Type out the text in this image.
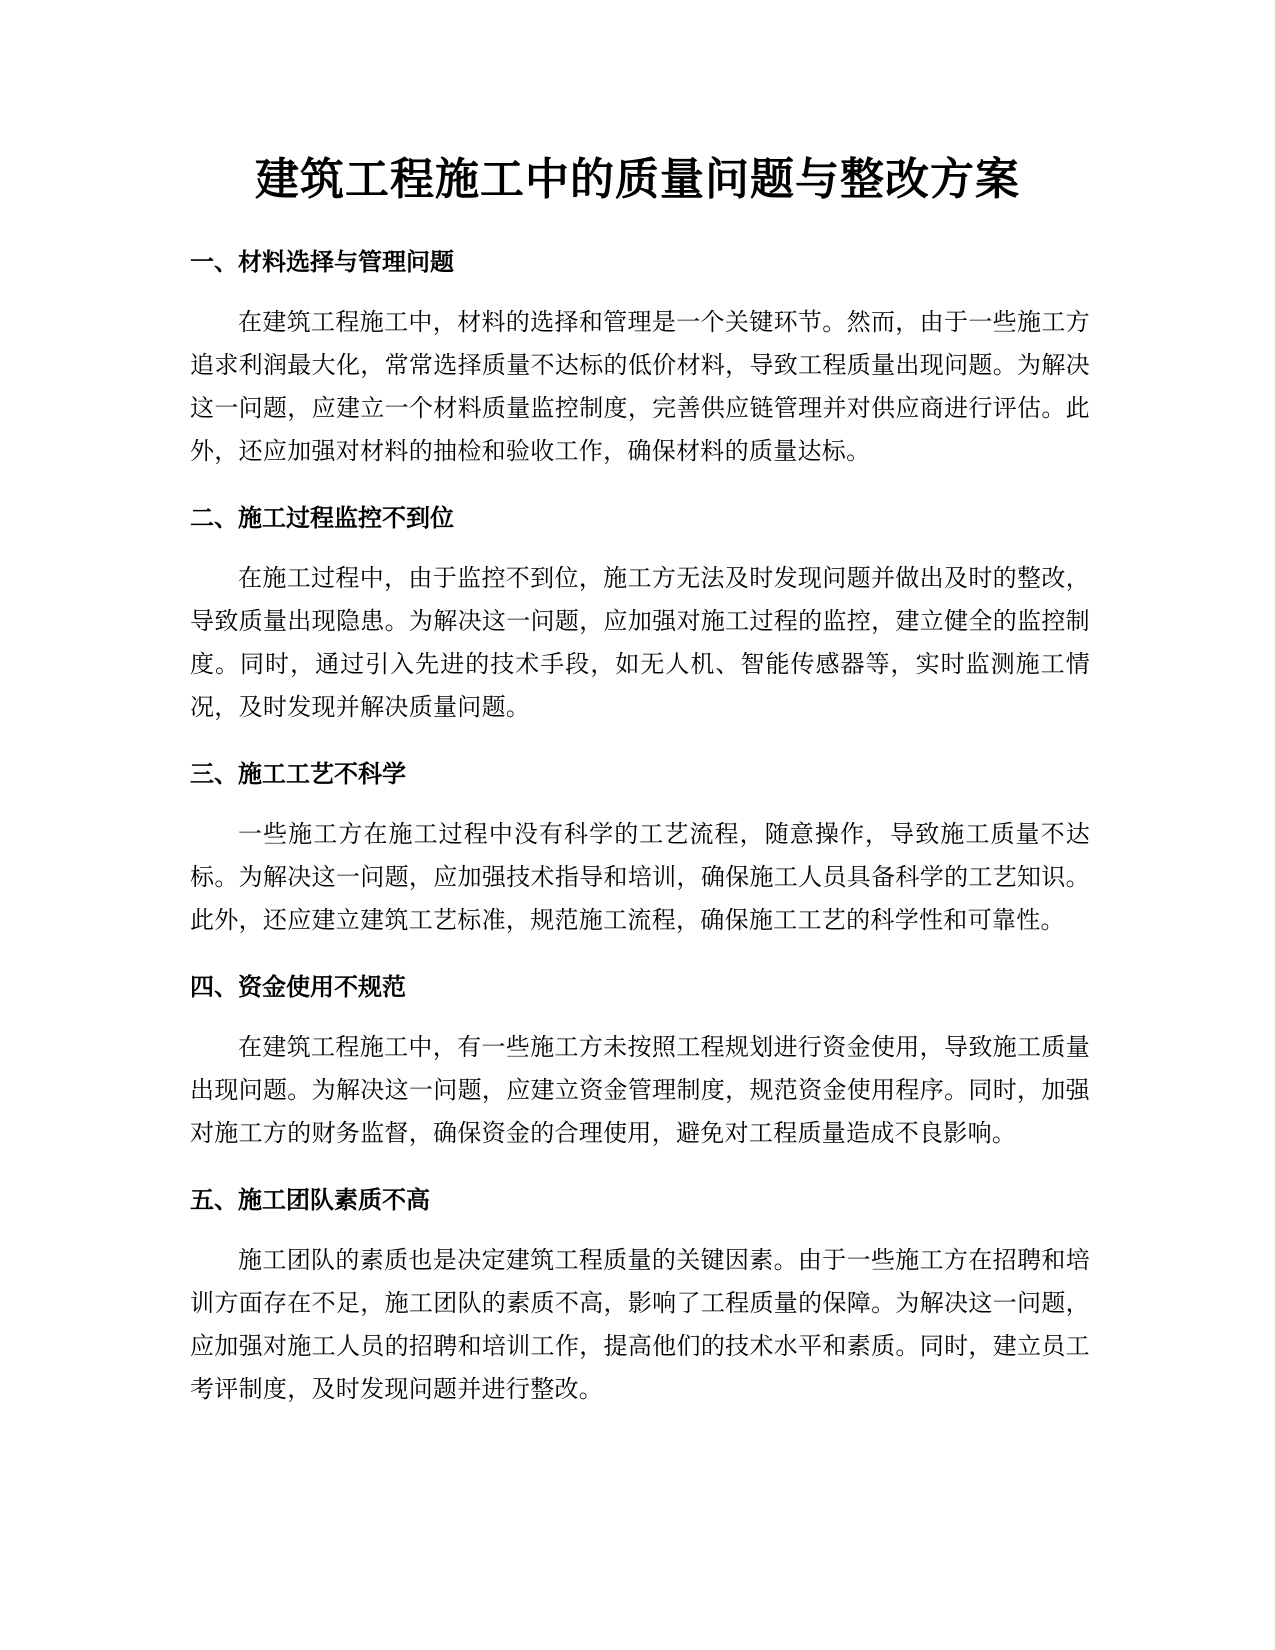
建筑工程施工中的质量问题与整改方案
一、材料选择与管理问题

在建筑工程施工中，材料的选择和管理是一个关键环节。然而，由于一些施工方追求利润最大化，常常选择质量不达标的低价材料，导致工程质量出现问题。为解决这一问题，应建立一个材料质量监控制度，完善供应链管理并对供应商进行评估。此外，还应加强对材料的抽检和验收工作，确保材料的质量达标。

二、施工过程监控不到位

在施工过程中，由于监控不到位，施工方无法及时发现问题并做出及时的整改，导致质量出现隐患。为解决这一问题，应加强对施工过程的监控，建立健全的监控制度。同时，通过引入先进的技术手段，如无人机、智能传感器等，实时监测施工情况，及时发现并解决质量问题。

三、施工工艺不科学

一些施工方在施工过程中没有科学的工艺流程，随意操作，导致施工质量不达标。为解决这一问题，应加强技术指导和培训，确保施工人员具备科学的工艺知识。此外，还应建立建筑工艺标准，规范施工流程，确保施工工艺的科学性和可靠性。

四、资金使用不规范

在建筑工程施工中，有一些施工方未按照工程规划进行资金使用，导致施工质量出现问题。为解决这一问题，应建立资金管理制度，规范资金使用程序。同时，加强对施工方的财务监督，确保资金的合理使用，避免对工程质量造成不良影响。

五、施工团队素质不高

施工团队的素质也是决定建筑工程质量的关键因素。由于一些施工方在招聘和培训方面存在不足，施工团队的素质不高，影响了工程质量的保障。为解决这一问题，应加强对施工人员的招聘和培训工作，提高他们的技术水平和素质。同时，建立员工考评制度，及时发现问题并进行整改。
